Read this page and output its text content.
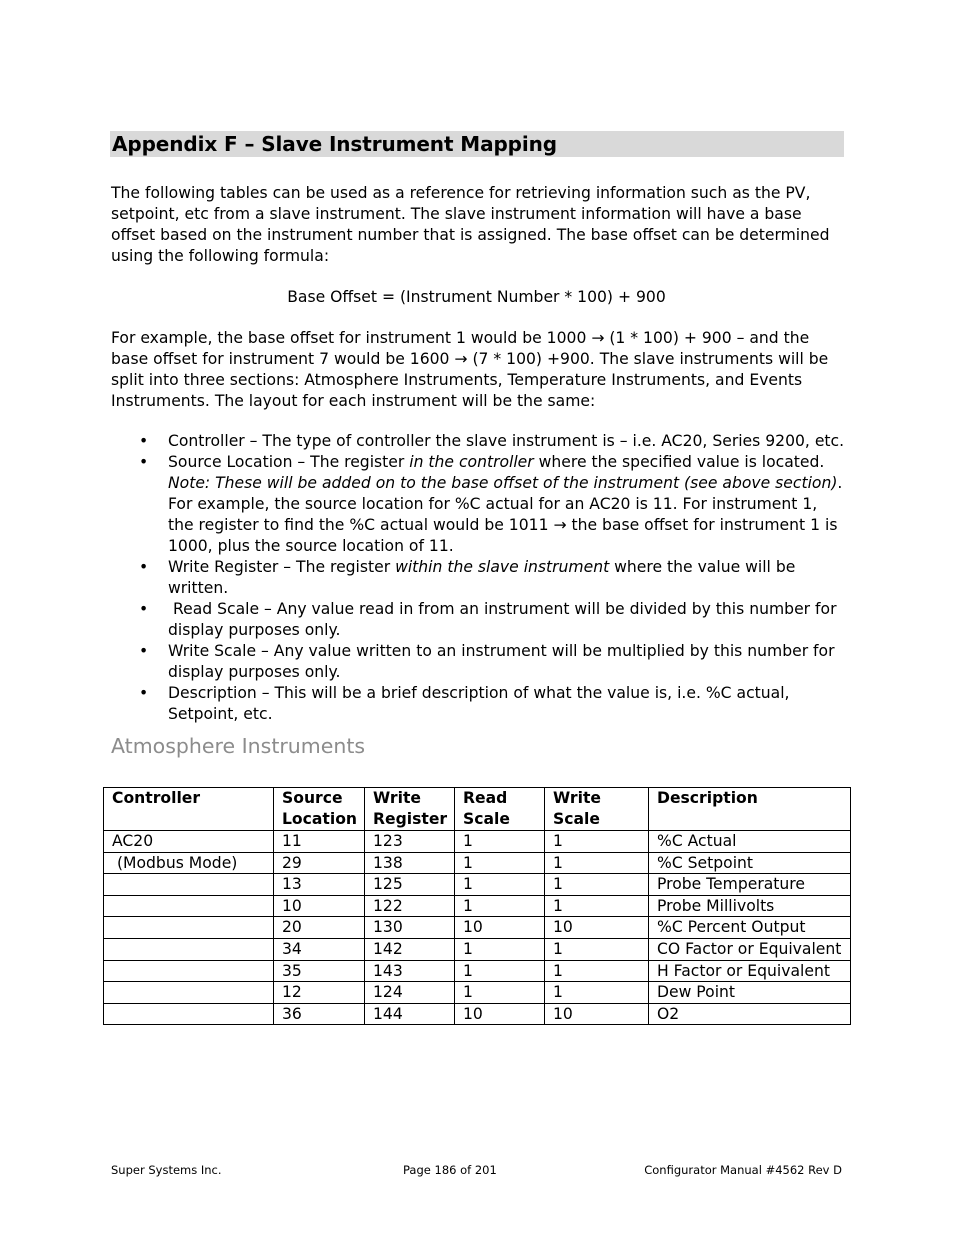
Appendix F – Slave Instrument Mapping

The following tables can be used as a reference for retrieving information such as the PV, setpoint, etc from a slave instrument. The slave instrument information will have a base offset based on the instrument number that is assigned. The base offset can be determined using the following formula:

Base Offset = (Instrument Number * 100) + 900

For example, the base offset for instrument 1 would be 1000 → (1 * 100) + 900 – and the base offset for instrument 7 would be 1600 → (7 * 100) +900. The slave instruments will be split into three sections: Atmosphere Instruments, Temperature Instruments, and Events Instruments. The layout for each instrument will be the same:

• Controller – The type of controller the slave instrument is – i.e. AC20, Series 9200, etc.
• Source Location – The register in the controller where the specified value is located. Note: These will be added on to the base offset of the instrument (see above section). For example, the source location for %C actual for an AC20 is 11. For instrument 1, the register to find the %C actual would be 1011 → the base offset for instrument 1 is 1000, plus the source location of 11.
• Write Register – The register within the slave instrument where the value will be written.
•  Read Scale – Any value read in from an instrument will be divided by this number for display purposes only.
• Write Scale – Any value written to an instrument will be multiplied by this number for display purposes only.
• Description – This will be a brief description of what the value is, i.e. %C actual, Setpoint, etc.
Atmosphere Instruments
Controller	Source Location	Write Register	Read Scale	Write Scale	Description
AC20	11	123	1	1	%C Actual
(Modbus Mode)	29	138	1	1	%C Setpoint
	13	125	1	1	Probe Temperature
	10	122	1	1	Probe Millivolts
	20	130	10	10	%C Percent Output
	34	142	1	1	CO Factor or Equivalent
	35	143	1	1	H Factor or Equivalent
	12	124	1	1	Dew Point
	36	144	10	10	O2
Super Systems Inc.	Page 186 of 201	Configurator Manual #4562 Rev D
